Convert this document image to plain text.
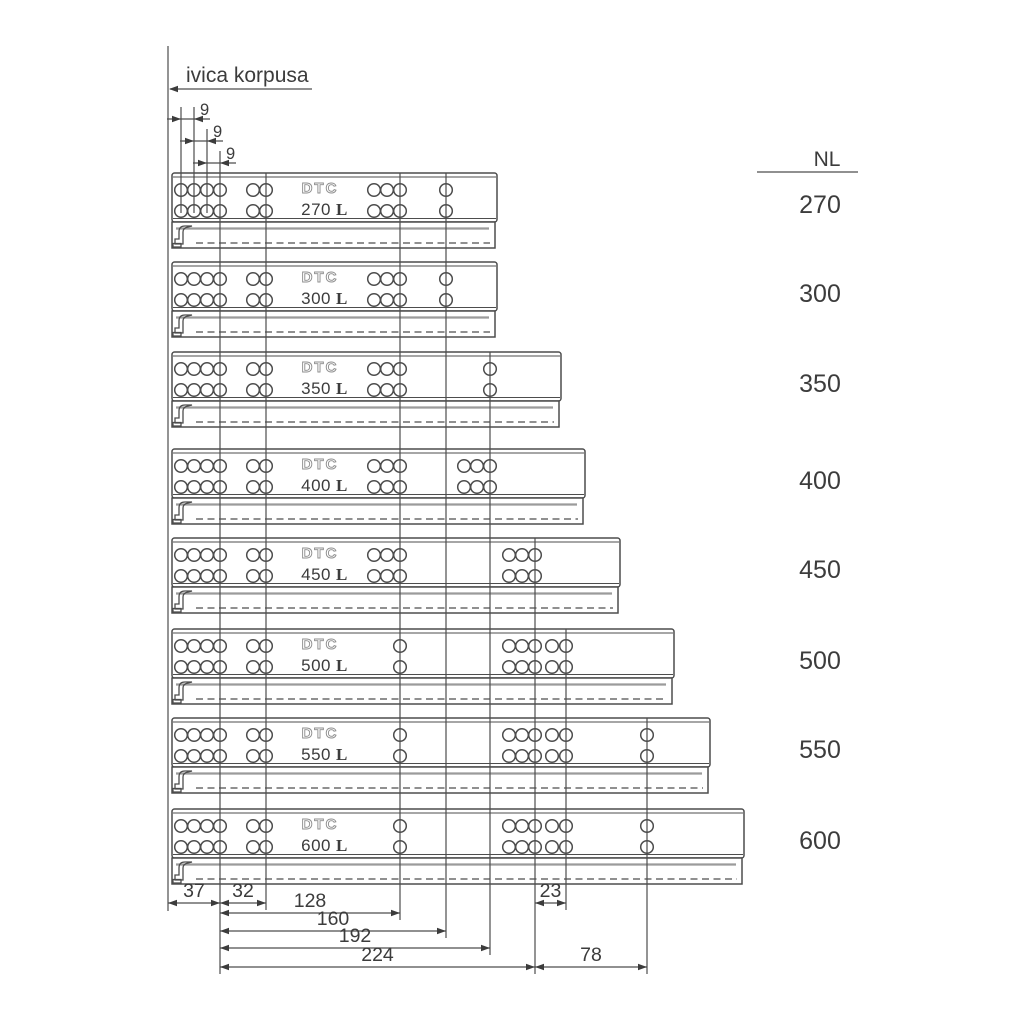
DTC
270 L	270
DTC
300 L	300
DTC
350 L	350
DTC
400 L	400
DTC
450 L	450
DTC
500 L	500
DTC
550 L	550
DTC
600 L	600
9
9
9
37 32 128
160
192
224
23
78
ivica korpusa
NL
